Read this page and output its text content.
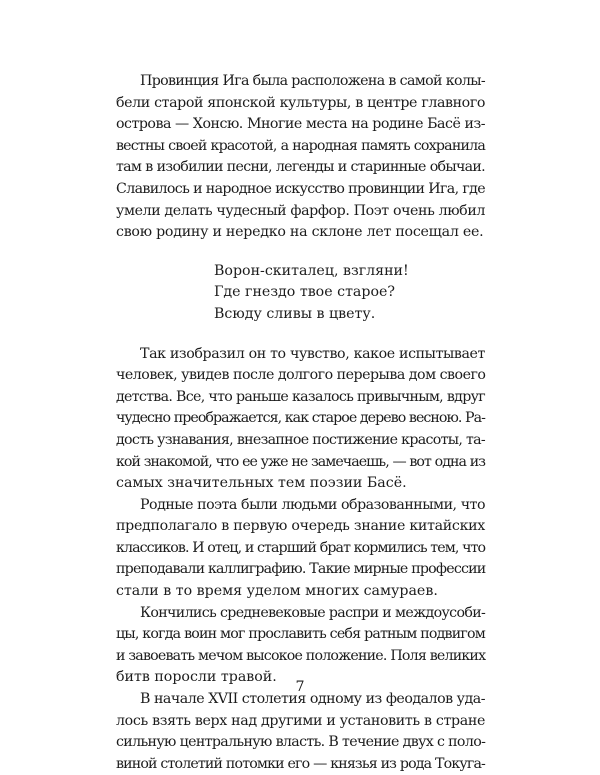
Провинция Ига была расположена в самой колы-
бели старой японской культуры, в центре главного
острова — Хонсю. Многие места на родине Басё из-
вестны своей красотой, а народная память сохранила
там в изобилии песни, легенды и старинные обычаи.
Славилось и народное искусство провинции Ига, где
умели делать чудесный фарфор. Поэт очень любил
свою родину и нередко на склоне лет посещал ее.
Ворон-скиталец, взгляни!
Где гнездо твое старое?
Всюду сливы в цвету.
Так изобразил он то чувство, какое испытывает
человек, увидев после долгого перерыва дом своего
детства. Все, что раньше казалось привычным, вдруг
чудесно преображается, как старое дерево весною. Ра-
дость узнавания, внезапное постижение красоты, та-
кой знакомой, что ее уже не замечаешь, — вот одна из
самых значительных тем поэзии Басё.
Родные поэта были людьми образованными, что
предполагало в первую очередь знание китайских
классиков. И отец, и старший брат кормились тем, что
преподавали каллиграфию. Такие мирные профессии
стали в то время уделом многих самураев.
Кончились средневековые распри и междоусоби-
цы, когда воин мог прославить себя ратным подвигом
и завоевать мечом высокое положение. Поля великих
битв поросли травой.
В начале XVII столетия одному из феодалов уда-
лось взять верх над другими и установить в стране
сильную центральную власть. В течение двух с поло-
виной столетий потомки его — князья из рода Токуга-
7
